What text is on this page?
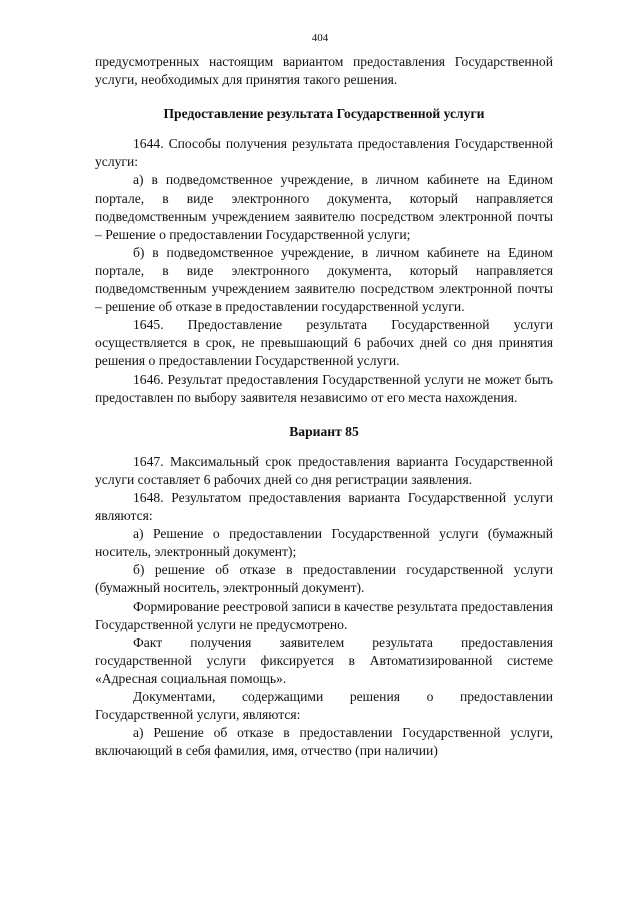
404

предусмотренных настоящим вариантом предоставления Государственной услуги, необходимых для принятия такого решения.

Предоставление результата Государственной услуги

1644. Способы получения результата предоставления Государственной услуги:

а) в подведомственное учреждение, в личном кабинете на Едином портале, в виде электронного документа, который направляется подведомственным учреждением заявителю посредством электронной почты – Решение о предоставлении Государственной услуги;

б) в подведомственное учреждение, в личном кабинете на Едином портале, в виде электронного документа, который направляется подведомственным учреждением заявителю посредством электронной почты – решение об отказе в предоставлении государственной услуги.

1645. Предоставление результата Государственной услуги осуществляется в срок, не превышающий 6 рабочих дней со дня принятия решения о предоставлении Государственной услуги.

1646. Результат предоставления Государственной услуги не может быть предоставлен по выбору заявителя независимо от его места нахождения.

Вариант 85

1647. Максимальный срок предоставления варианта Государственной услуги составляет 6 рабочих дней со дня регистрации заявления.

1648. Результатом предоставления варианта Государственной услуги являются:

а) Решение о предоставлении Государственной услуги (бумажный носитель, электронный документ);

б) решение об отказе в предоставлении государственной услуги (бумажный носитель, электронный документ).

Формирование реестровой записи в качестве результата предоставления Государственной услуги не предусмотрено.

Факт получения заявителем результата предоставления государственной услуги фиксируется в Автоматизированной системе «Адресная социальная помощь».

Документами, содержащими решения о предоставлении Государственной услуги, являются:

а) Решение об отказе в предоставлении Государственной услуги, включающий в себя фамилия, имя, отчество (при наличии)
